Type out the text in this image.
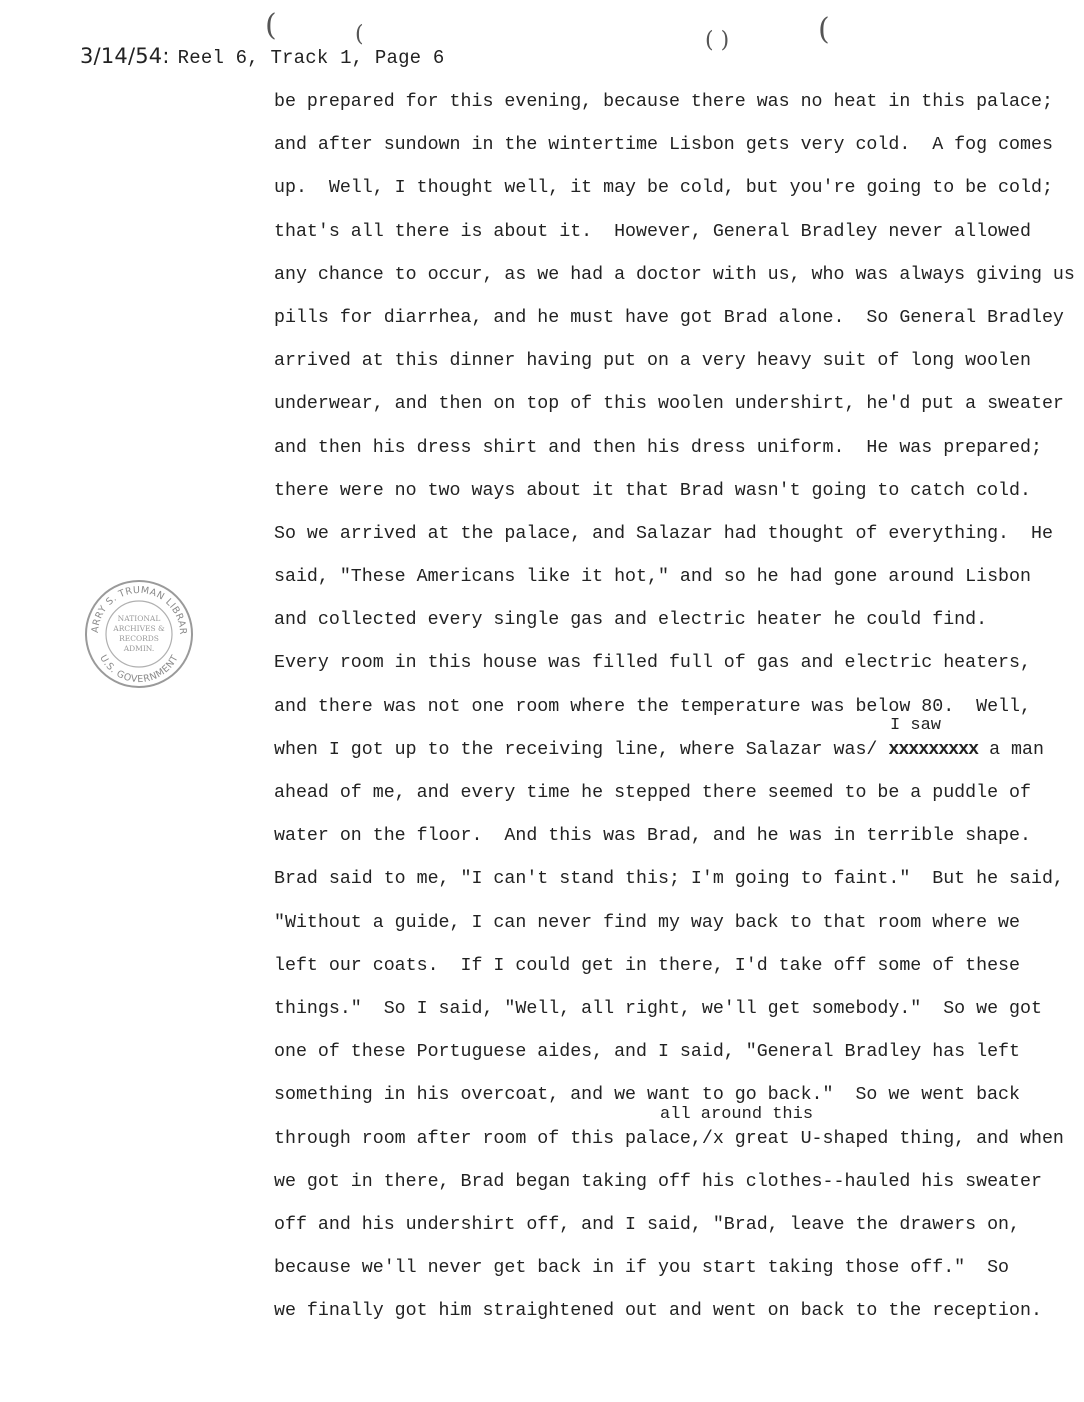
(	(	( )	(
3/14/54: Reel 6, Track 1, Page 6
ARRY S. TRUMAN LIBRAR
U.S. GOVERNMENT
NATIONAL
ARCHIVES &
RECORDS
ADMIN.
be prepared for this evening, because there was no heat in this palace;
and after sundown in the wintertime Lisbon gets very cold.  A fog comes
up.  Well, I thought well, it may be cold, but you're going to be cold;
that's all there is about it.  However, General Bradley never allowed
any chance to occur, as we had a doctor with us, who was always giving us
pills for diarrhea, and he must have got Brad alone.  So General Bradley
arrived at this dinner having put on a very heavy suit of long woolen
underwear, and then on top of this woolen undershirt, he'd put a sweater
and then his dress shirt and then his dress uniform.  He was prepared;
there were no two ways about it that Brad wasn't going to catch cold.
So we arrived at the palace, and Salazar had thought of everything.  He
said, "These Americans like it hot," and so he had gone around Lisbon
and collected every single gas and electric heater he could find.
Every room in this house was filled full of gas and electric heaters,
and there was not one room where the temperature was below 80.  Well,
I saw
when I got up to the receiving line, where Salazar was/ xxxxxxxxx a man
ahead of me, and every time he stepped there seemed to be a puddle of
water on the floor.  And this was Brad, and he was in terrible shape.
Brad said to me, "I can't stand this; I'm going to faint."  But he said,
"Without a guide, I can never find my way back to that room where we
left our coats.  If I could get in there, I'd take off some of these
things."  So I said, "Well, all right, we'll get somebody."  So we got
one of these Portuguese aides, and I said, "General Bradley has left
something in his overcoat, and we want to go back."  So we went back
all around this
through room after room of this palace,/x great U-shaped thing, and when
we got in there, Brad began taking off his clothes--hauled his sweater
off and his undershirt off, and I said, "Brad, leave the drawers on,
because we'll never get back in if you start taking those off."  So
we finally got him straightened out and went on back to the reception.
